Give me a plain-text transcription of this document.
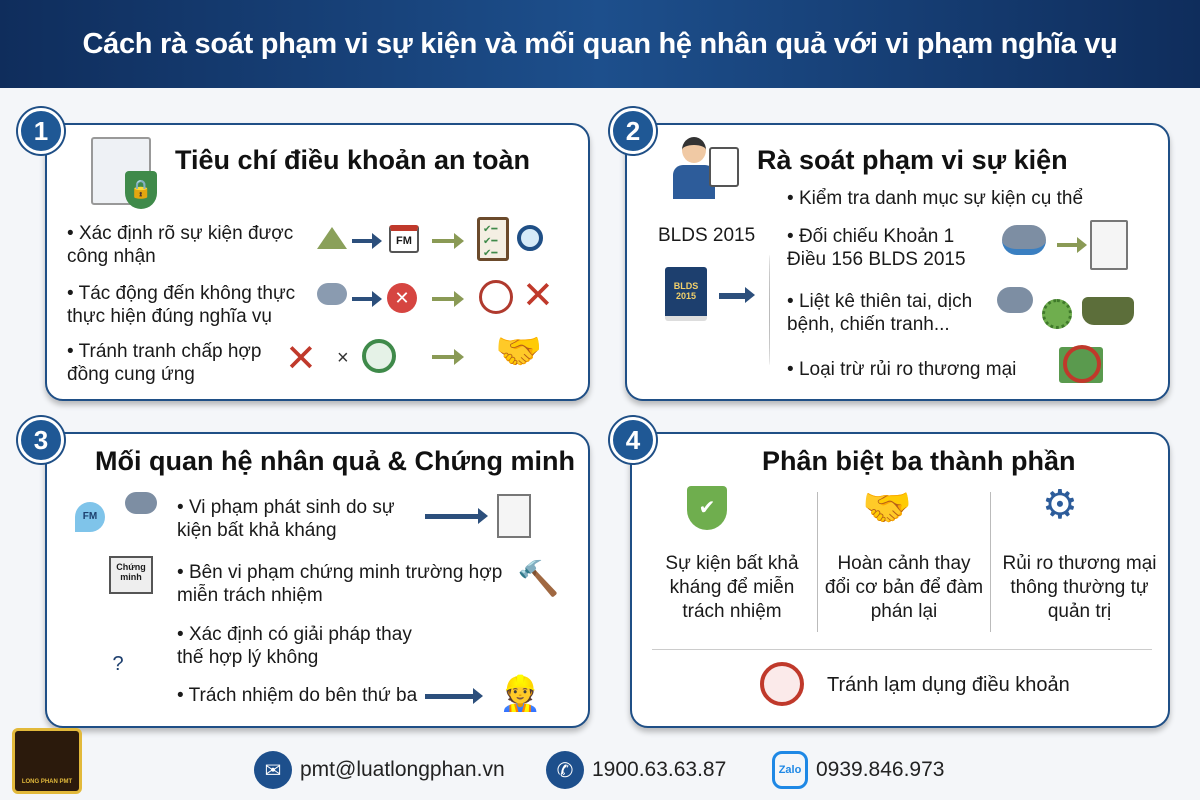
Cách rà soát phạm vi sự kiện và mối quan hệ nhân quả với vi phạm nghĩa vụ
🔒
Tiêu chí điều khoản an toàn
• Xác định rõ sự kiện được công nhận
• Tác động đến không thực thực hiện đúng nghĩa vụ
• Tránh tranh chấp hợp đồng cung ứng
FM
✔━
✔━
✔━
✕	✕
✕ ×	🤝
1
Rà soát phạm vi sự kiện
BLDS 2015
BLDS 2015
• Kiểm tra danh mục sự kiện cụ thể
• Đối chiếu Khoản 1 Điều 156 BLDS 2015
• Liệt kê thiên tai, dịch bệnh, chiến tranh...
• Loại trừ rủi ro thương mại
2
Mối quan hệ nhân quả & Chứng minh
FM
Chứng minh
?
• Vi phạm phát sinh do sự kiện bất khả kháng
• Bên vi phạm chứng minh trường hợp miễn trách nhiệm
• Xác định có giải pháp thay thế hợp lý không
• Trách nhiệm do bên thứ ba
🔨
👷
3
Phân biệt ba thành phần
✔	🤝	⚙
Sự kiện bất khả kháng để miễn trách nhiệm
Hoàn cảnh thay đổi cơ bản để đàm phán lại
Rủi ro thương mại thông thường tự quản trị
Tránh lạm dụng điều khoản
4
LONG PHAN PMT
✉ pmt@luatlongphan.vn	✆ 1900.63.63.87	Zalo 0939.846.973
